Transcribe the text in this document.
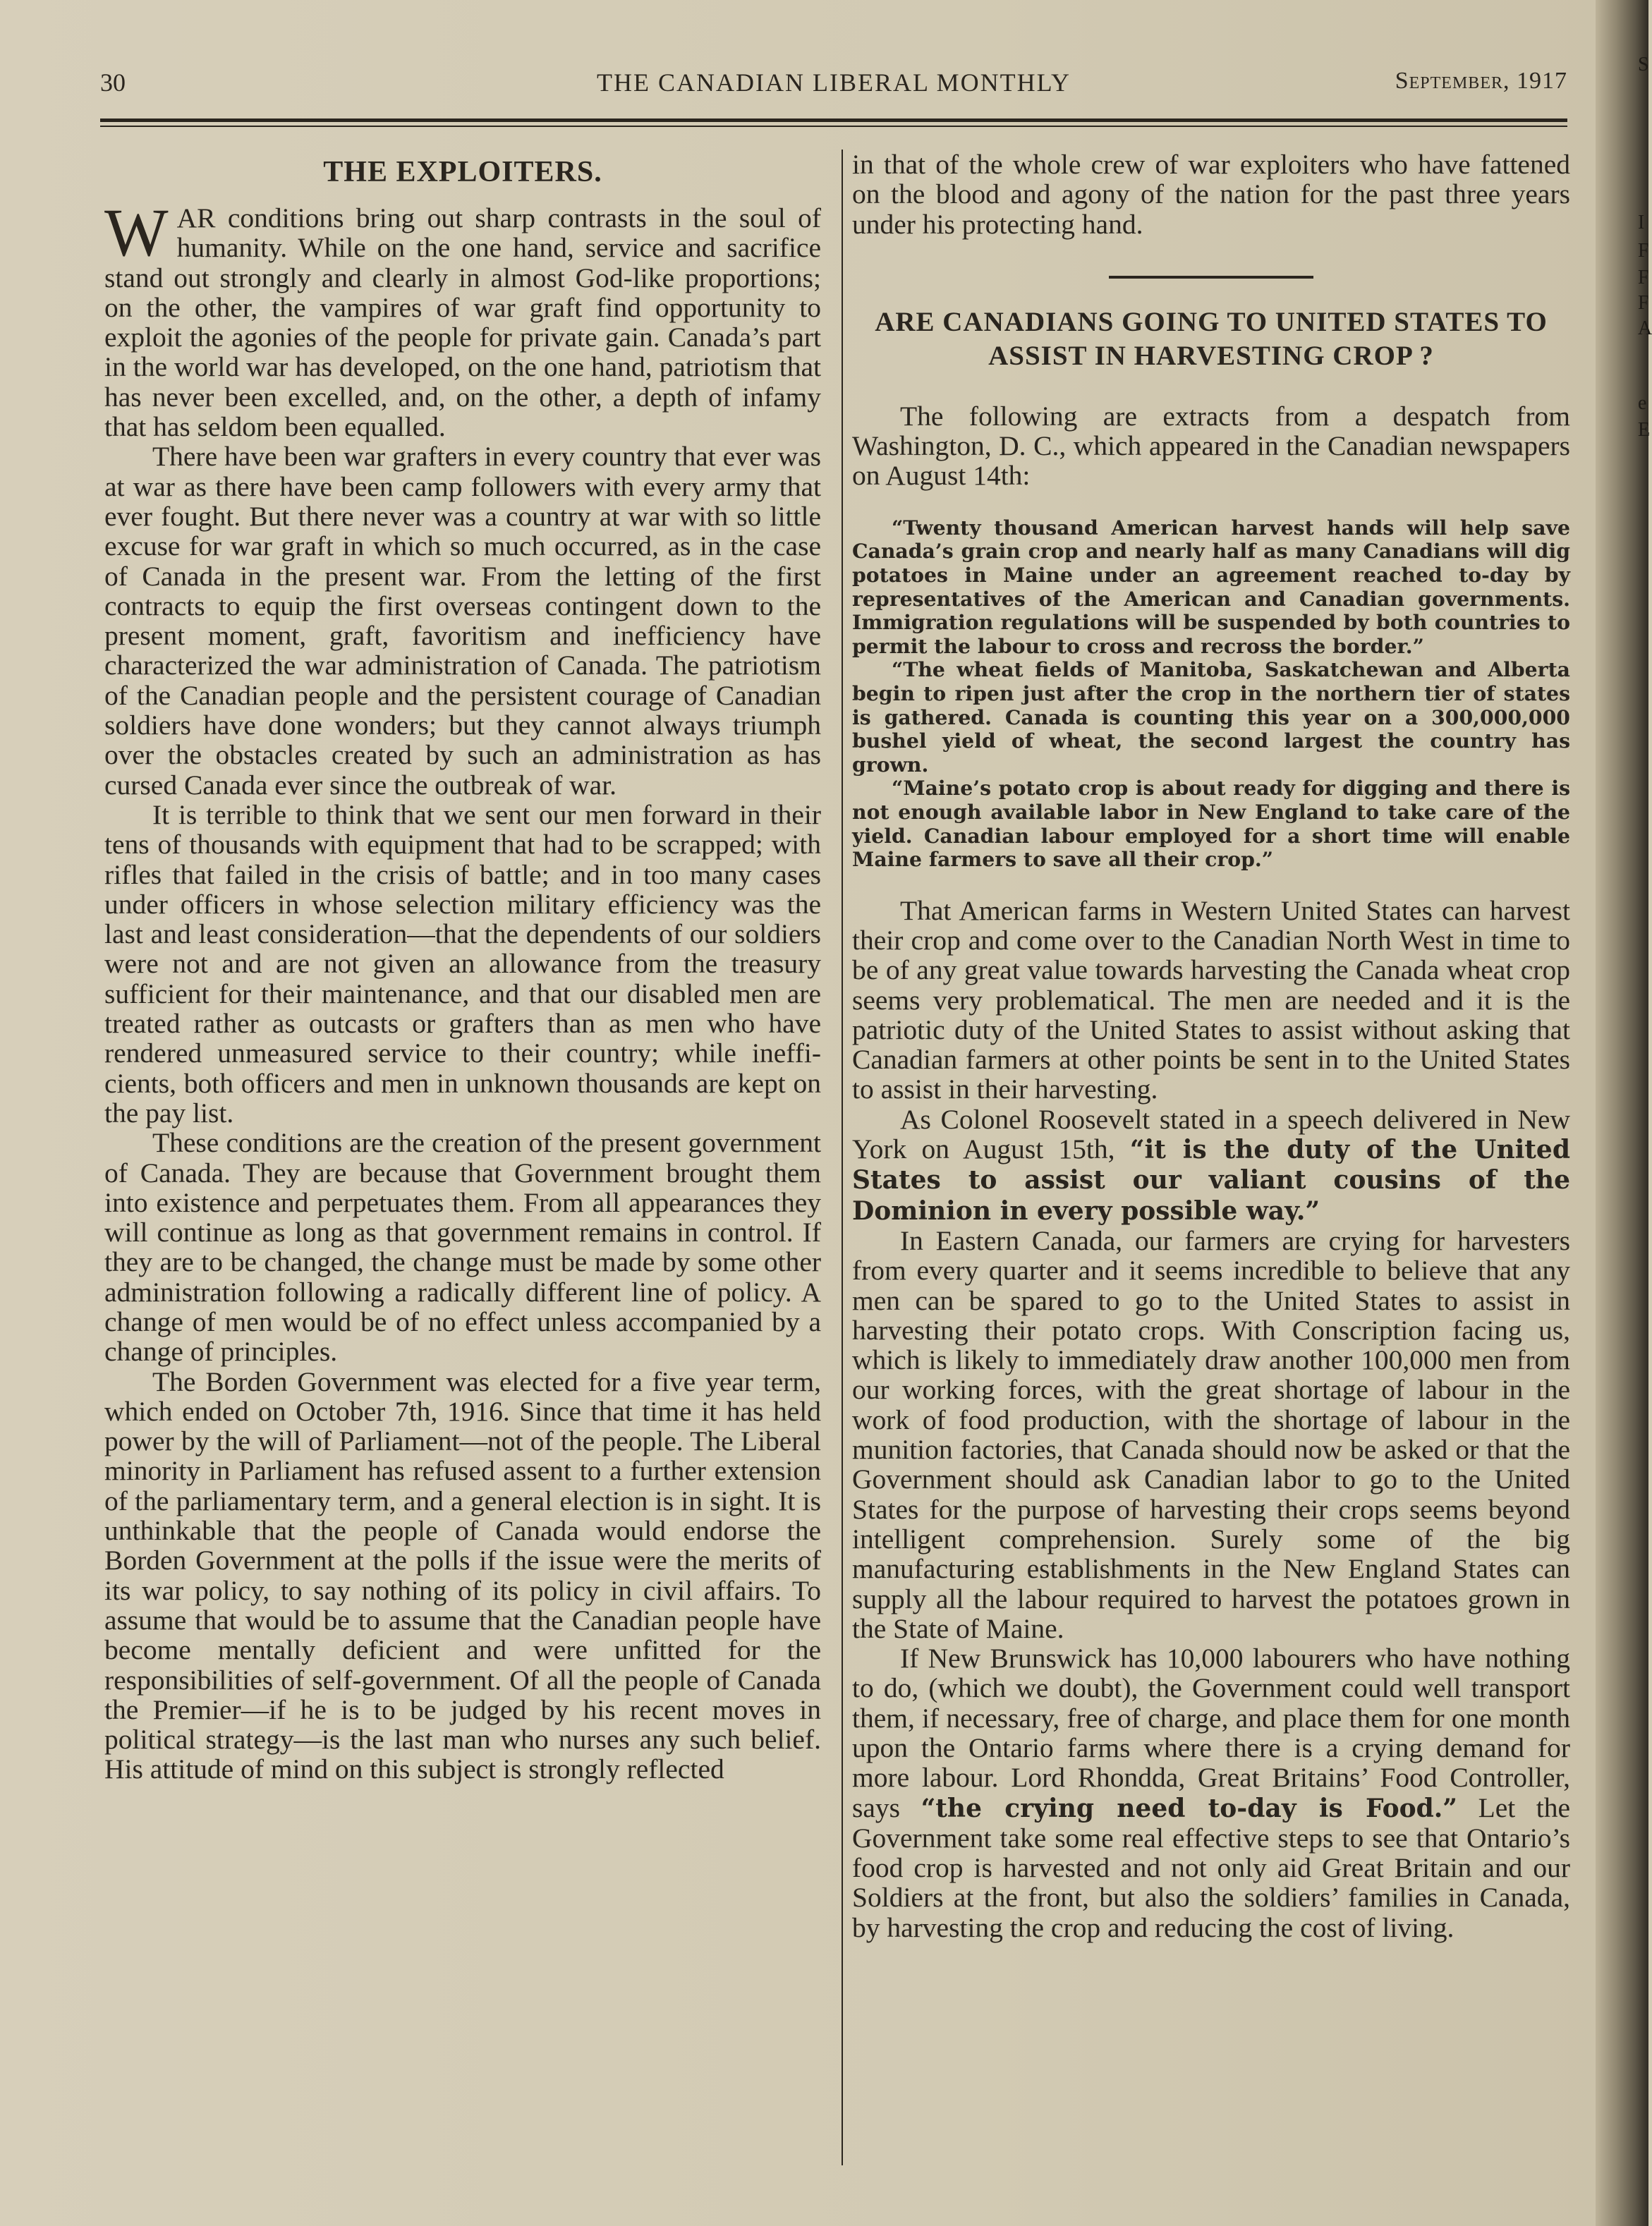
30	THE CANADIAN LIBERAL MONTHLY	September, 1917
THE EXPLOITERS.

WAR conditions bring out sharp contrasts in the soul of humanity. While on the one hand, service and sacrifice stand out strongly and clearly in almost God-like proportions; on the other, the vampires of war graft find opportunity to exploit the agonies of the people for private gain. Canada’s part in the world war has developed, on the one hand, patriotism that has never been excelled, and, on the other, a depth of infamy that has seldom been equalled.

There have been war grafters in every country that ever was at war as there have been camp followers with every army that ever fought. But there never was a country at war with so little excuse for war graft in which so much occurred, as in the case of Canada in the present war. From the letting of the first contracts to equip the first overseas contingent down to the present moment, graft, favoritism and inefficiency have characterized the war administration of Canada. The patriotism of the Canadian people and the persistent courage of Canadian soldiers have done wonders; but they cannot always triumph over the obstacles created by such an administration as has cursed Canada ever since the outbreak of war.

It is terrible to think that we sent our men forward in their tens of thousands with equipment that had to be scrapped; with rifles that failed in the crisis of battle; and in too many cases under officers in whose selection military efficiency was the last and least consideration—that the dependents of our soldiers were not and are not given an allowance from the treasury sufficient for their maintenance, and that our disabled men are treated rather as outcasts or grafters than as men who have rendered unmeasured service to their country; while inefficients, both officers and men in unknown thousands are kept on the pay list.

These conditions are the creation of the present government of Canada. They are because that Government brought them into existence and perpetuates them. From all appearances they will continue as long as that government remains in control. If they are to be changed, the change must be made by some other administration following a radically different line of policy. A change of men would be of no effect unless accompanied by a change of principles.

The Borden Government was elected for a five year term, which ended on October 7th, 1916. Since that time it has held power by the will of Parliament—not of the people. The Liberal minority in Parliament has refused assent to a further extension of the parliamentary term, and a general election is in sight. It is unthinkable that the people of Canada would endorse the Borden Government at the polls if the issue were the merits of its war policy, to say nothing of its policy in civil affairs. To assume that would be to assume that the Canadian people have become mentally deficient and were unfitted for the responsibilities of self-government. Of all the people of Canada the Premier—if he is to be judged by his recent moves in political strategy—is the last man who nurses any such belief. His attitude of mind on this subject is strongly reflected

in that of the whole crew of war exploiters who have fattened on the blood and agony of the nation for the past three years under his protecting hand.

ARE CANADIANS GOING TO UNITED STATES TO ASSIST IN HARVESTING CROP ?

The following are extracts from a despatch from Washington, D. C., which appeared in the Canadian newspapers on August 14th:

“Twenty thousand American harvest hands will help save Canada’s grain crop and nearly half as many Canadians will dig potatoes in Maine under an agreement reached to-day by representatives of the American and Canadian governments. Immigration regulations will be suspended by both countries to permit the labour to cross and recross the border.”

“The wheat fields of Manitoba, Saskatchewan and Alberta begin to ripen just after the crop in the northern tier of states is gathered. Canada is counting this year on a 300,000,000 bushel yield of wheat, the second largest the country has grown.

“Maine’s potato crop is about ready for digging and there is not enough available labor in New England to take care of the yield. Canadian labour employed for a short time will enable Maine farmers to save all their crop.”

That American farms in Western United States can harvest their crop and come over to the Canadian North West in time to be of any great value towards harvesting the Canada wheat crop seems very problematical. The men are needed and it is the patriotic duty of the United States to assist without asking that Canadian farmers at other points be sent in to the United States to assist in their harvesting.

As Colonel Roosevelt stated in a speech delivered in New York on August 15th, “it is the duty of the United States to assist our valiant cousins of the Dominion in every possible way.”

In Eastern Canada, our farmers are crying for harvesters from every quarter and it seems incredible to believe that any men can be spared to go to the United States to assist in harvesting their potato crops. With Conscription facing us, which is likely to immediately draw another 100,000 men from our working forces, with the great shortage of labour in the work of food production, with the shortage of labour in the munition factories, that Canada should now be asked or that the Government should ask Canadian labor to go to the United States for the purpose of harvesting their crops seems beyond intelligent comprehension. Surely some of the big manufacturing establishments in the New England States can supply all the labour required to harvest the potatoes grown in the State of Maine.

If New Brunswick has 10,000 labourers who have nothing to do, (which we doubt), the Government could well transport them, if necessary, free of charge, and place them for one month upon the Ontario farms where there is a crying demand for more labour. Lord Rhondda, Great Britains’ Food Controller, says “the crying need to-day is Food.” Let the Government take some real effective steps to see that Ontario’s food crop is harvested and not only aid Great Britain and our Soldiers at the front, but also the soldiers’ families in Canada, by harvesting the crop and reducing the cost of living.

S
I
F
F
F
A
e
E
